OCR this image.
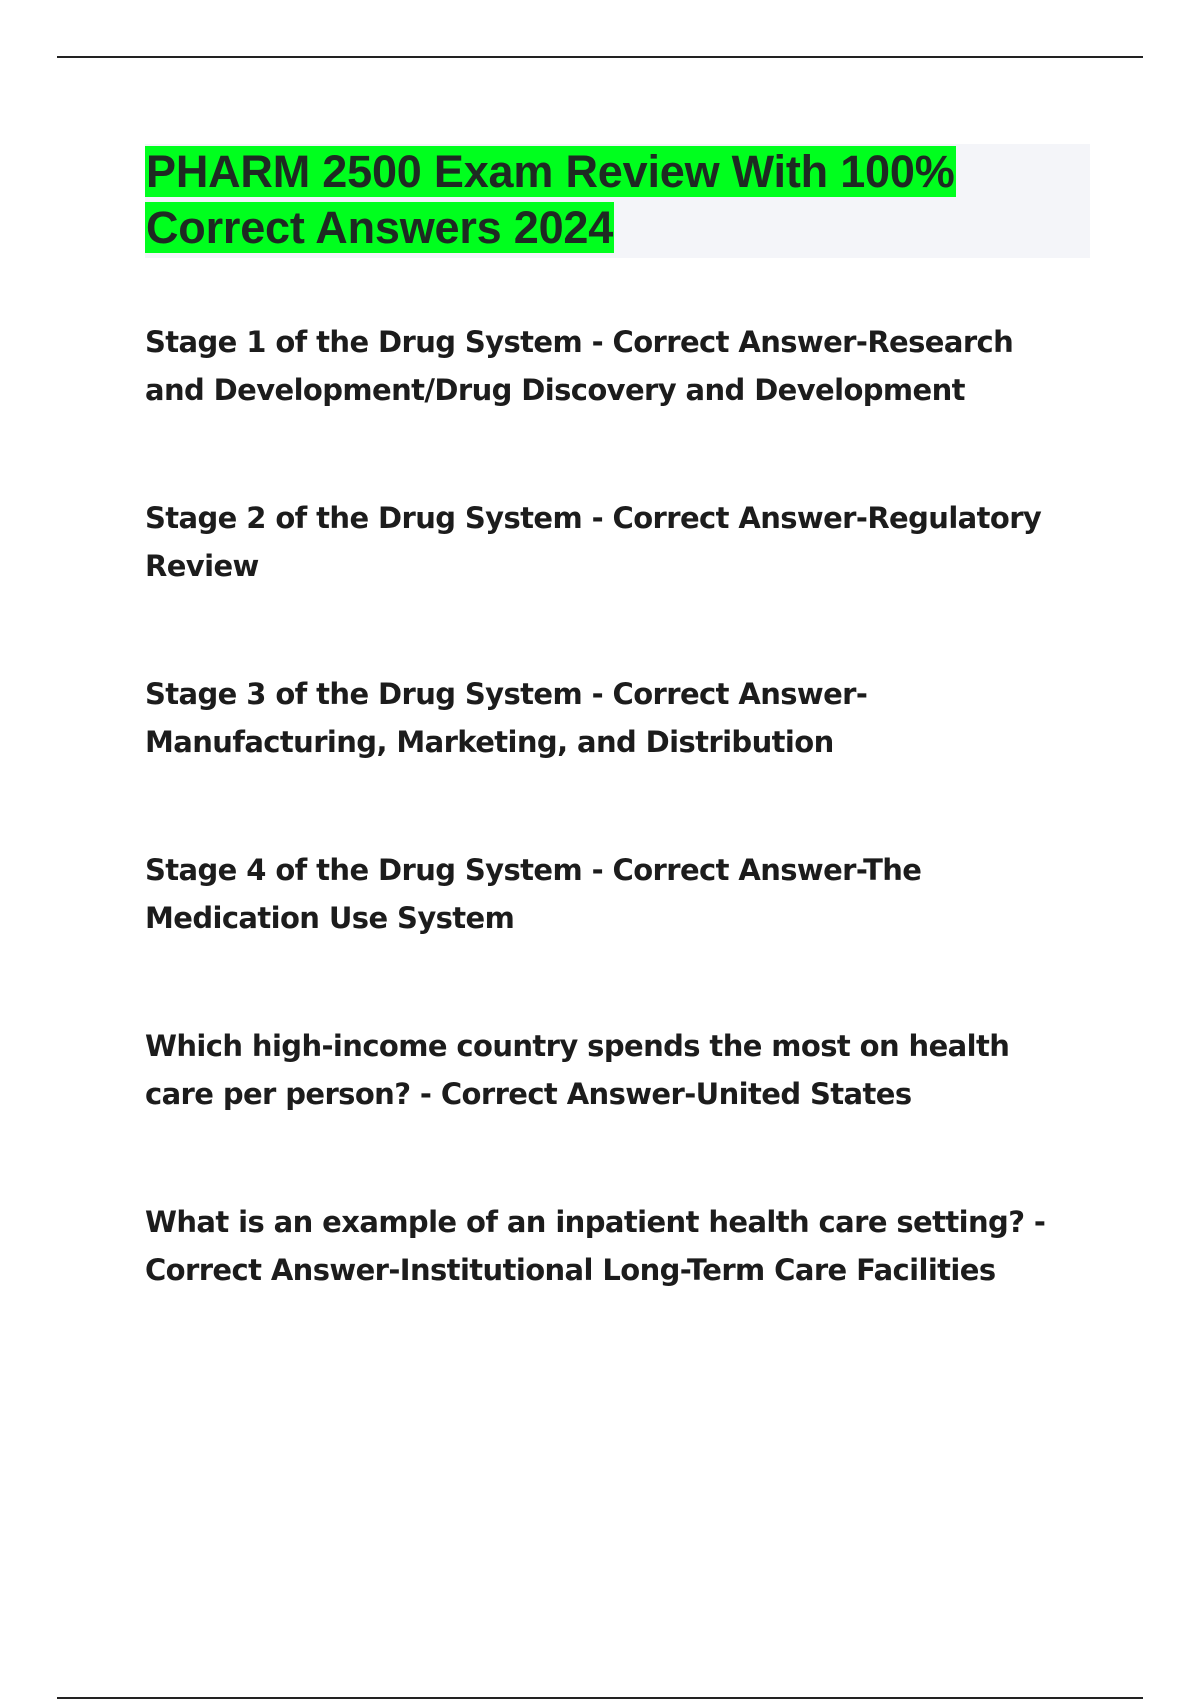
PHARM 2500 Exam Review With 100% Correct Answers 2024
Stage 1 of the Drug System - Correct Answer-Research and Development/Drug Discovery and Development
Stage 2 of the Drug System - Correct Answer-Regulatory Review
Stage 3 of the Drug System - Correct Answer-Manufacturing, Marketing, and Distribution
Stage 4 of the Drug System - Correct Answer-The Medication Use System
Which high-income country spends the most on health care per person? - Correct Answer-United States
What is an example of an inpatient health care setting? - Correct Answer-Institutional Long-Term Care Facilities
